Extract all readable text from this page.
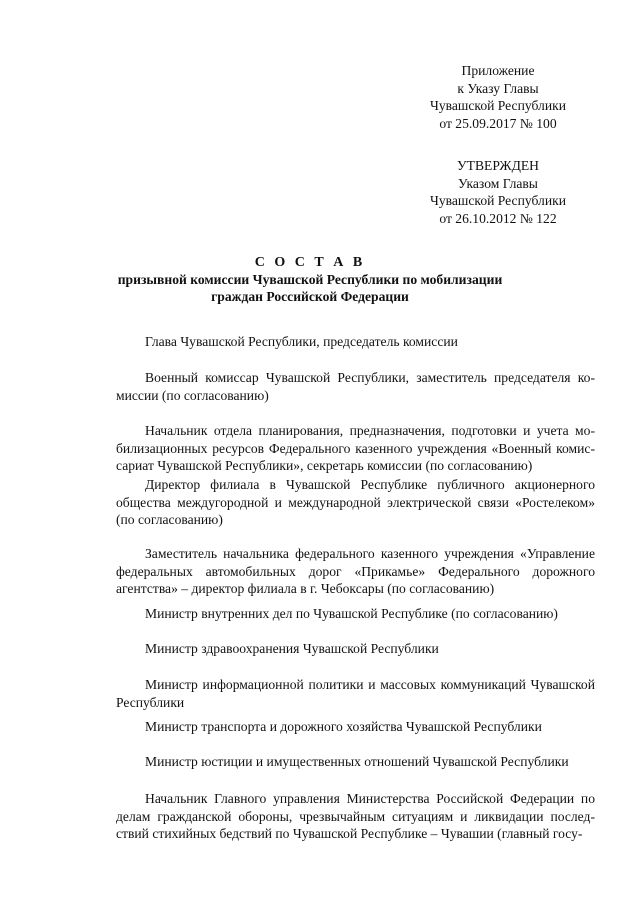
Приложение
к Указу Главы
Чувашской Республики
от 25.09.2017 № 100
УТВЕРЖДЕН
Указом Главы
Чувашской Республики
от 26.10.2012 № 122
С О С Т А В
призывной комиссии Чувашской Республики по мобилизации
граждан Российской Федерации

Глава Чувашской Республики, председатель комиссии

Военный комиссар Чувашской Республики, заместитель председателя комиссии (по согласованию)

Начальник отдела планирования, предназначения, подготовки и учета мобилизационных ресурсов Федерального казенного учреждения «Военный комиссариат Чувашской Республики», секретарь комиссии (по согласованию)

Директор филиала в Чувашской Республике публичного акционерного общества междугородной и международной электрической связи «Ростелеком» (по согласованию)

Заместитель начальника федерального казенного учреждения «Управление федеральных автомобильных дорог «Прикамье» Федерального дорожного агентства» – директор филиала в г. Чебоксары (по согласованию)

Министр внутренних дел по Чувашской Республике (по согласованию)

Министр здравоохранения Чувашской Республики

Министр информационной политики и массовых коммуникаций Чувашской Республики

Министр транспорта и дорожного хозяйства Чувашской Республики

Министр юстиции и имущественных отношений Чувашской Республики

Начальник Главного управления Министерства Российской Федерации по делам гражданской обороны, чрезвычайным ситуациям и ликвидации последствий стихийных бедствий по Чувашской Республике – Чувашии (главный госу-
